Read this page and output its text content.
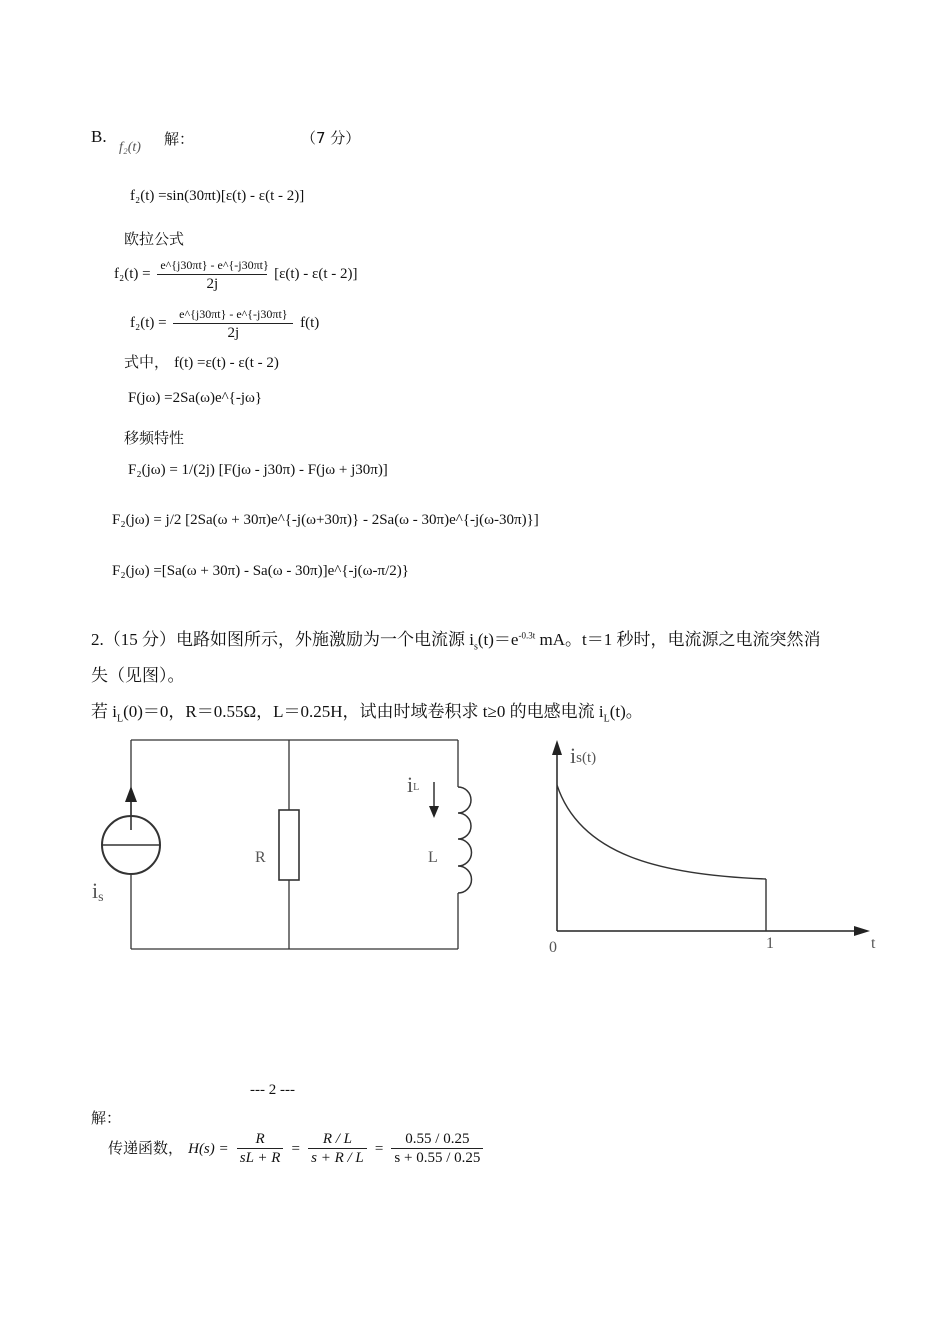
B.
f₂(t) 解：	（7 分）
f₂(t) =sin(30πt)[ε(t) - ε(t - 2)]
欧拉公式
$f_2(t) = \frac{e\^{}\{j30\pi t\} - e\^{}\{-j30\pi t\}}{2j} [\varepsilon(t) - \varepsilon(t - 2)]$
$f_2(t) = \frac{e\^{}\{j30\pi t\} - e\^{}\{-j30\pi t\}}{2j} f(t)$
式中， f(t) =ε(t) - ε(t - 2)
F(jω) =2Sa(ω)e^{-jω}
移频特性
F₂(jω) = 1/(2j) [F(jω - j30π) - F(jω + j30π)]
F₂(jω) = j/2 [2Sa(ω + 30π)e^{-j(ω+30π)} - 2Sa(ω - 30π)e^{-j(ω-30π)}]
F₂(jω) =[Sa(ω + 30π) - Sa(ω - 30π)]e^{-j(ω-π/2)}
2.（15 分）电路如图所示，外施激励为一个电流源 $i_s(t)=e^{-0.3t}$ mA。t＝1 秒时，电流源之电流突然消
失（见图）。
若 $i_L(0)=0$，R＝0.55Ω，L＝0.25H，试由时域卷积求 t≥0 的电感电流 $i_L(t)$。
is
R	L
iL
is(t)
0	1	t
--- 2 ---
解：
传递函数， $H(s) = \frac{R}{sL + R} = \frac{R / L}{s + R / L} = \frac{0.55 / 0.25}{s + 0.55 / 0.25}$
